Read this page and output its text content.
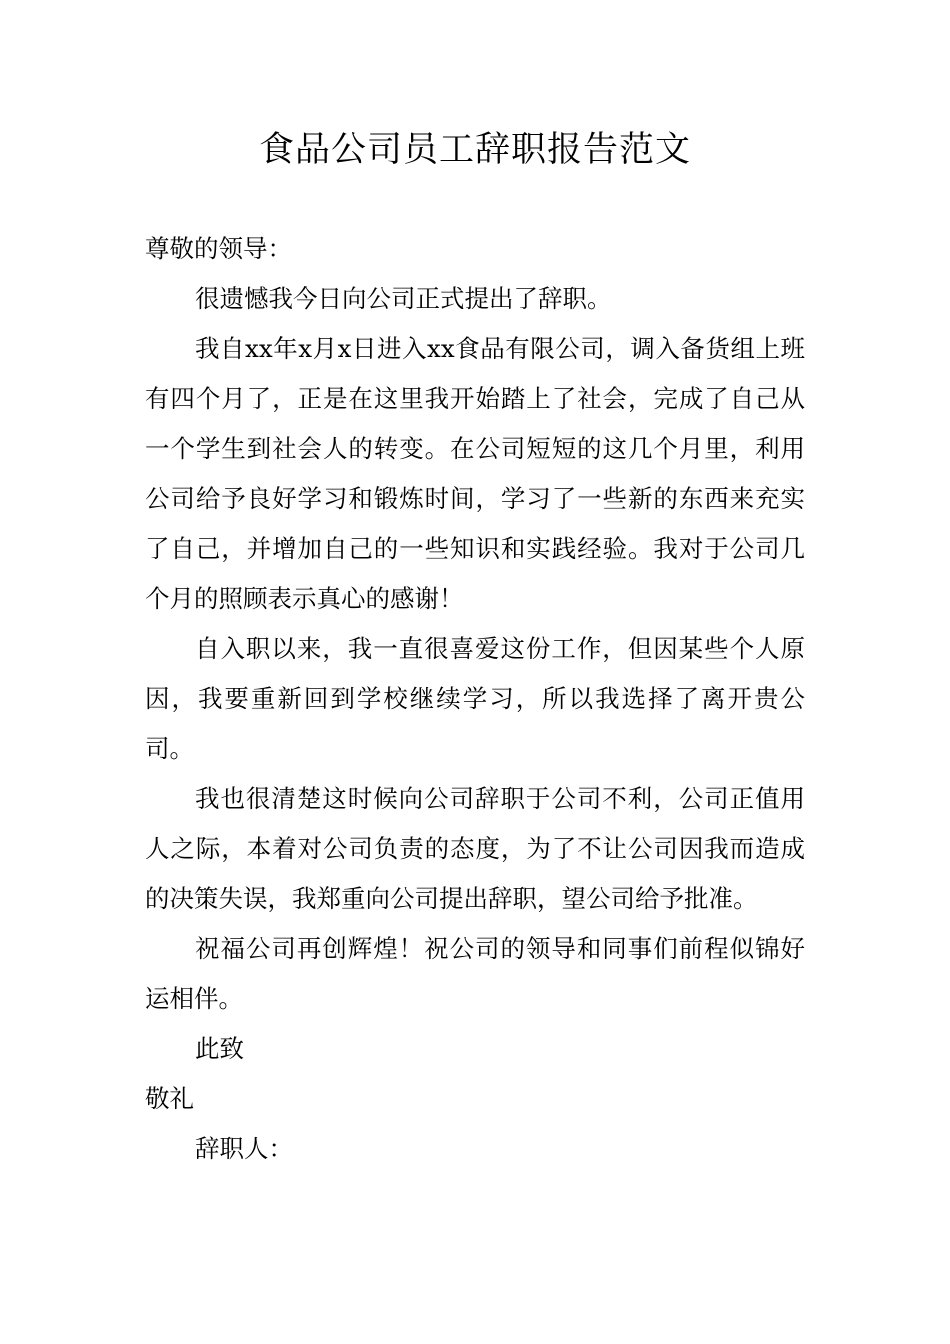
食品公司员工辞职报告范文

尊敬的领导：

很遗憾我今日向公司正式提出了辞职。

我自xx年x月x日进入xx食品有限公司，调入备货组上班有四个月了，正是在这里我开始踏上了社会，完成了自己从一个学生到社会人的转变。在公司短短的这几个月里，利用公司给予良好学习和锻炼时间，学习了一些新的东西来充实了自己，并增加自己的一些知识和实践经验。我对于公司几个月的照顾表示真心的感谢！

自入职以来，我一直很喜爱这份工作，但因某些个人原因，我要重新回到学校继续学习，所以我选择了离开贵公司。

我也很清楚这时候向公司辞职于公司不利，公司正值用人之际，本着对公司负责的态度，为了不让公司因我而造成的决策失误，我郑重向公司提出辞职，望公司给予批准。

祝福公司再创辉煌！祝公司的领导和同事们前程似锦好运相伴。

此致

敬礼

辞职人：
